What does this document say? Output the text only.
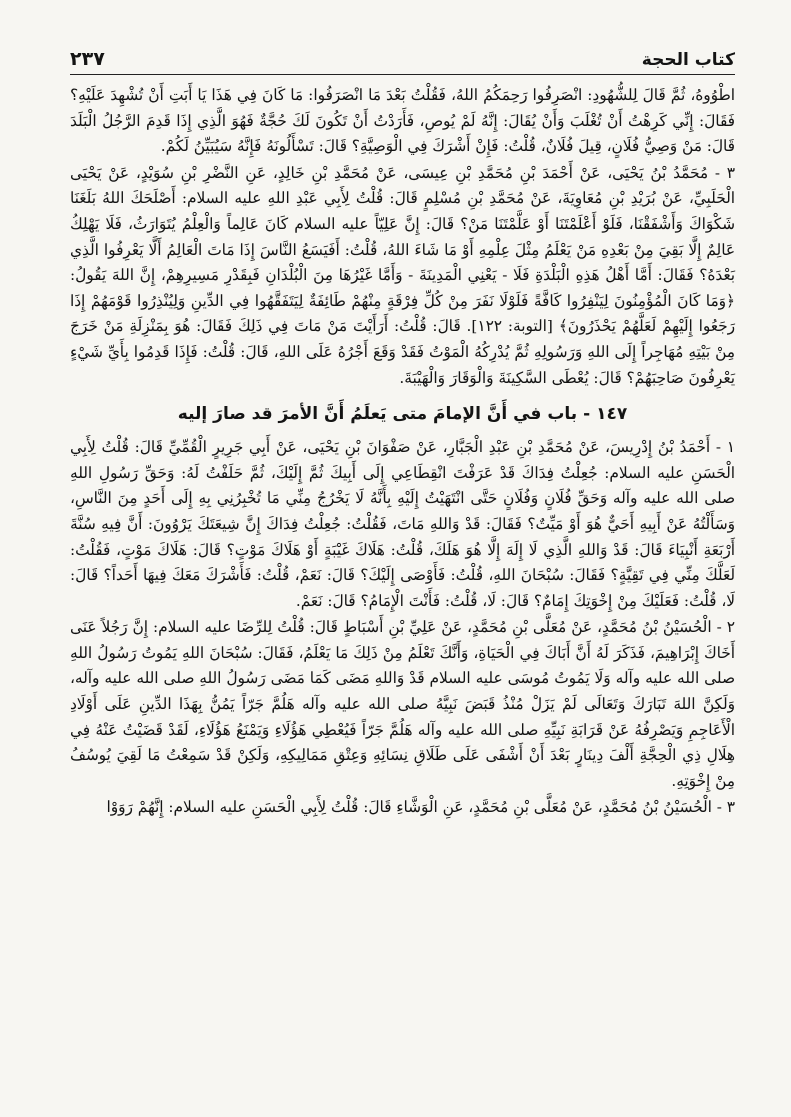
كتاب الحجة
٢٣٧

اطْوُوهُ، ثُمَّ قَالَ لِلشُّهُودِ: انْصَرِفُوا رَحِمَكُمُ اللهُ، فَقُلْتُ بَعْدَ مَا انْصَرَفُوا: مَا كَانَ فِي هَذَا يَا أَبَتِ أَنْ تُشْهِدَ عَلَيْهِ؟ فَقَالَ: إِنِّي كَرِهْتُ أَنْ تُغْلَبَ وَأَنْ يُقَالَ: إِنَّهُ لَمْ يُوصِ، فَأَرَدْتُ أَنْ تَكُونَ لَكَ حُجَّةٌ فَهُوَ الَّذِي إِذَا قَدِمَ الرَّجُلُ الْبَلَدَ قَالَ: مَنْ وَصِيُّ فُلَانٍ، قِيلَ فُلَانٌ، قُلْتُ: فَإِنْ أَشْرَكَ فِي الْوَصِيَّةِ؟ قَالَ: تَسْأَلُونَهُ فَإِنَّهُ سَيُبَيِّنُ لَكُمْ.

٣ - مُحَمَّدُ بْنُ يَحْيَى، عَنْ أَحْمَدَ بْنِ مُحَمَّدِ بْنِ عِيسَى، عَنْ مُحَمَّدِ بْنِ خَالِدٍ، عَنِ النَّضْرِ بْنِ سُوَيْدٍ، عَنْ يَحْيَى الْحَلَبِيِّ، عَنْ بُرَيْدِ بْنِ مُعَاوِيَةَ، عَنْ مُحَمَّدِ بْنِ مُسْلِمٍ قَالَ: قُلْتُ لِأَبِي عَبْدِ اللهِ عليه السلام: أَصْلَحَكَ اللهُ بَلَغَنَا شَكْوَاكَ وَأَشْفَقْنَا، فَلَوْ أَعْلَمْتَنَا أَوْ عَلَّمْتَنَا مَنْ؟ قَالَ: إِنَّ عَلِيّاً عليه السلام كَانَ عَالِماً وَالْعِلْمُ يُتَوَارَثُ، فَلَا يَهْلِكُ عَالِمٌ إِلَّا بَقِيَ مِنْ بَعْدِهِ مَنْ يَعْلَمُ مِثْلَ عِلْمِهِ أَوْ مَا شَاءَ اللهُ، قُلْتُ: أَفَيَسَعُ النَّاسَ إِذَا مَاتَ الْعَالِمُ أَلَّا يَعْرِفُوا الَّذِي بَعْدَهُ؟ فَقَالَ: أَمَّا أَهْلُ هَذِهِ الْبَلْدَةِ فَلَا - يَعْنِي الْمَدِينَةَ - وَأَمَّا غَيْرُهَا مِنَ الْبُلْدَانِ فَبِقَدْرِ مَسِيرِهِمْ، إِنَّ اللهَ يَقُولُ: ﴿وَمَا كَانَ الْمُؤْمِنُونَ لِيَنْفِرُوا كَافَّةً فَلَوْلَا نَفَرَ مِنْ كُلِّ فِرْقَةٍ مِنْهُمْ طَائِفَةٌ لِيَتَفَقَّهُوا فِي الدِّينِ وَلِيُنْذِرُوا قَوْمَهُمْ إِذَا رَجَعُوا إِلَيْهِمْ لَعَلَّهُمْ يَحْذَرُونَ﴾ [التوبة: ١٢٢]. قَالَ: قُلْتُ: أَرَأَيْتَ مَنْ مَاتَ فِي ذَلِكَ فَقَالَ: هُوَ بِمَنْزِلَةِ مَنْ خَرَجَ مِنْ بَيْتِهِ مُهَاجِراً إِلَى اللهِ وَرَسُولِهِ ثُمَّ يُدْرِكُهُ الْمَوْتُ فَقَدْ وَقَعَ أَجْرُهُ عَلَى اللهِ، قَالَ: قُلْتُ: فَإِذَا قَدِمُوا بِأَيِّ شَيْءٍ يَعْرِفُونَ صَاحِبَهُمْ؟ قَالَ: يُعْطَى السَّكِينَةَ وَالْوَقَارَ وَالْهَيْبَةَ.

١٤٧ - باب في أَنَّ الإمامَ متى يَعلَمُ أَنَّ الأمرَ قد صارَ إليه

١ - أَحْمَدُ بْنُ إِدْرِيسَ، عَنْ مُحَمَّدِ بْنِ عَبْدِ الْجَبَّارِ، عَنْ صَفْوَانَ بْنِ يَحْيَى، عَنْ أَبِي جَرِيرٍ الْقُمِّيِّ قَالَ: قُلْتُ لِأَبِي الْحَسَنِ عليه السلام: جُعِلْتُ فِدَاكَ قَدْ عَرَفْتَ انْقِطَاعِي إِلَى أَبِيكَ ثُمَّ إِلَيْكَ، ثُمَّ حَلَفْتُ لَهُ: وَحَقِّ رَسُولِ اللهِ صلى الله عليه وآله وَحَقِّ فُلَانٍ وَفُلَانٍ حَتَّى انْتَهَيْتُ إِلَيْهِ بِأَنَّهُ لَا يَخْرُجُ مِنِّي مَا تُخْبِرُنِي بِهِ إِلَى أَحَدٍ مِنَ النَّاسِ، وَسَأَلْتُهُ عَنْ أَبِيهِ أَحَيٌّ هُوَ أَوْ مَيِّتٌ؟ فَقَالَ: قَدْ وَاللهِ مَاتَ، فَقُلْتُ: جُعِلْتُ فِدَاكَ إِنَّ شِيعَتَكَ يَرْوُونَ: أَنَّ فِيهِ سُنَّةَ أَرْبَعَةِ أَنْبِيَاءَ قَالَ: قَدْ وَاللهِ الَّذِي لَا إِلَهَ إِلَّا هُوَ هَلَكَ، قُلْتُ: هَلَاكَ غَيْبَةٍ أَوْ هَلَاكَ مَوْتٍ؟ قَالَ: هَلَاكَ مَوْتٍ، فَقُلْتُ: لَعَلَّكَ مِنِّي فِي تَقِيَّةٍ؟ فَقَالَ: سُبْحَانَ اللهِ، قُلْتُ: فَأَوْصَى إِلَيْكَ؟ قَالَ: نَعَمْ، قُلْتُ: فَأَشْرَكَ مَعَكَ فِيهَا أَحَداً؟ قَالَ: لَا، قُلْتُ: فَعَلَيْكَ مِنْ إِخْوَتِكَ إِمَامٌ؟ قَالَ: لَا، قُلْتُ: فَأَنْتَ الْإِمَامُ؟ قَالَ: نَعَمْ.

٢ - الْحُسَيْنُ بْنُ مُحَمَّدٍ، عَنْ مُعَلَّى بْنِ مُحَمَّدٍ، عَنْ عَلِيِّ بْنِ أَسْبَاطٍ قَالَ: قُلْتُ لِلرِّضَا عليه السلام: إِنَّ رَجُلاً عَنَى أَخَاكَ إِبْرَاهِيمَ، فَذَكَرَ لَهُ أَنَّ أَبَاكَ فِي الْحَيَاةِ، وَأَنَّكَ تَعْلَمُ مِنْ ذَلِكَ مَا يَعْلَمُ، فَقَالَ: سُبْحَانَ اللهِ يَمُوتُ رَسُولُ اللهِ صلى الله عليه وآله وَلَا يَمُوتُ مُوسَى عليه السلام قَدْ وَاللهِ مَضَى كَمَا مَضَى رَسُولُ اللهِ صلى الله عليه وآله، وَلَكِنَّ اللهَ تَبَارَكَ وَتَعَالَى لَمْ يَزَلْ مُنْذُ قَبَضَ نَبِيَّهُ صلى الله عليه وآله هَلُمَّ جَرّاً يَمُنُّ بِهَذَا الدِّينِ عَلَى أَوْلَادِ الْأَعَاجِمِ وَيَصْرِفُهُ عَنْ قَرَابَةِ نَبِيِّهِ صلى الله عليه وآله هَلُمَّ جَرّاً فَيُعْطِي هَؤُلَاءِ وَيَمْنَعُ هَؤُلَاءِ، لَقَدْ قَضَيْتُ عَنْهُ فِي هِلَالِ ذِي الْحِجَّةِ أَلْفَ دِينَارٍ بَعْدَ أَنْ أَشْفَى عَلَى طَلَاقِ نِسَائِهِ وَعِتْقِ مَمَالِيكِهِ، وَلَكِنْ قَدْ سَمِعْتُ مَا لَقِيَ يُوسُفُ مِنْ إِخْوَتِهِ.

٣ - الْحُسَيْنُ بْنُ مُحَمَّدٍ، عَنْ مُعَلَّى بْنِ مُحَمَّدٍ، عَنِ الْوَشَّاءِ قَالَ: قُلْتُ لِأَبِي الْحَسَنِ عليه السلام: إِنَّهُمْ رَوَوْا
